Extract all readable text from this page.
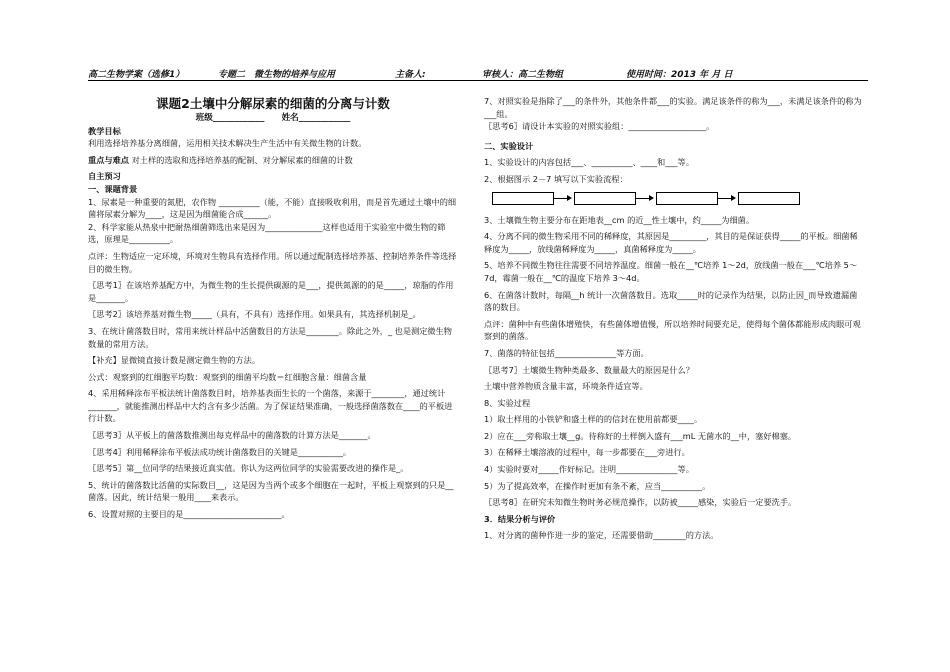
高二生物学案（选修1）	专题二　微生物的培养与应用	主备人:	审核人：高二生物组	使用时间：2013 年 月 日

课题2土壤中分解尿素的细菌的分离与计数

班级____________　　姓名____________

教学目标

利用选择培养基分离细菌，运用相关技术解决生产生活中有关微生物的计数。

重点与难点 对土样的选取和选择培养基的配制、对分解尿素的细菌的计数

自主预习

一、课题背景

1、尿素是一种重要的氮肥，农作物 __________（能，不能）直接吸收利用，而是首先通过土壤中的细菌将尿素分解为____，这是因为细菌能合成______。

2、科学家能从热泉中把耐热细菌筛选出来是因为______________这样也适用于实验室中微生物的筛选，原理是__________。

点评：生物适应一定环境，环境对生物具有选择作用。所以通过配制选择培养基、控制培养条件等选择目的微生物。

〖思考1〗在该培养基配方中，为微生物的生长提供碳源的是___，提供氮源的的是_____，琼脂的作用是_______。

〖思考2〗该培养基对微生物_____（具有，不具有）选择作用。如果具有，其选择机制是_。

3、在统计菌落数目时，常用来统计样品中活菌数目的方法是________。除此之外，_ 也是测定微生物数量的常用方法。

【补充】显微镜直接计数是测定微生物的方法。

公式：观察到的红细胞平均数：观察到的细菌平均数＝红细胞含量：细菌含量

4、采用稀释涂布平板法统计菌落数目时，培养基表面生长的一个菌落，来源于________，通过统计_______，就能推测出样品中大约含有多少活菌。为了保证结果准确，一般选择菌落数在____的平板进行计数。

〖思考3〗从平板上的菌落数推测出每克样品中的菌落数的计算方法是_______。

〖思考4〗利用稀释涂布平板法成功统计菌落数目的关键是___________。

〖思考5〗第__位同学的结果接近真实值。你认为这两位同学的实验需要改进的操作是_。

5、统计的菌落数比活菌的实际数目__，这是因为当两个或多个细胞在一起时，平板上观察到的只是__菌落。因此，统计结果一般用____来表示。

6、设置对照的主要目的是________________________。

7、对照实验是指除了___的条件外，其他条件都___的实验。满足该条件的称为___，未满足该条件的称为___组。

〖思考6〗请设计本实验的对照实验组：___________________。

二、实验设计

1、实验设计的内容包括___、__________、____和___等。

2、根据图示 2－7 填写以下实验流程：

3、土壤微生物主要分布在距地表__cm 的近__性土壤中，约_____为细菌。

4、分离不同的微生物采用不同的稀释度，其原因是_________，其目的是保证获得_____的平板。细菌稀释度为_____，放线菌稀释度为_____，真菌稀释度为_____。

5、培养不同微生物往往需要不同培养温度。细菌一般在__℃培养 1～2d，放线菌一般在___℃培养 5～7d，霉菌一般在__℃的温度下培养 3～4d。

6、在菌落计数时，每隔__h 统计一次菌落数目。选取_____时的记录作为结果，以防止因_而导致遗漏菌落的数目。

点评：菌种中有些菌体增殖快，有些菌体增值慢，所以培养时间要充足，使得每个菌体都能形成肉眼可观察到的菌落。

7、菌落的特征包括_______________等方面。

〖思考7〗土壤微生物种类最多、数量最大的原因是什么？

土壤中营养物质含量丰富，环境条件适宜等。

8、实验过程

1）取土样用的小铁铲和盛土样的的信封在使用前都要____。

2）应在___旁称取土壤__g。待称好的土样倒入盛有___mL 无菌水的__中，塞好棉塞。

3）在稀释土壤溶液的过程中，每一步都要在___旁进行。

4）实验时要对_____作好标记。注明_______________等。

5）为了提高效率，在操作时更加有条不紊，应当__________。

〖思考8〗在研究未知微生物时务必规范操作，以防被_____感染，实验后一定要洗手。

3．结果分析与评价

1、对分离的菌种作进一步的鉴定，还需要借助________的方法。
